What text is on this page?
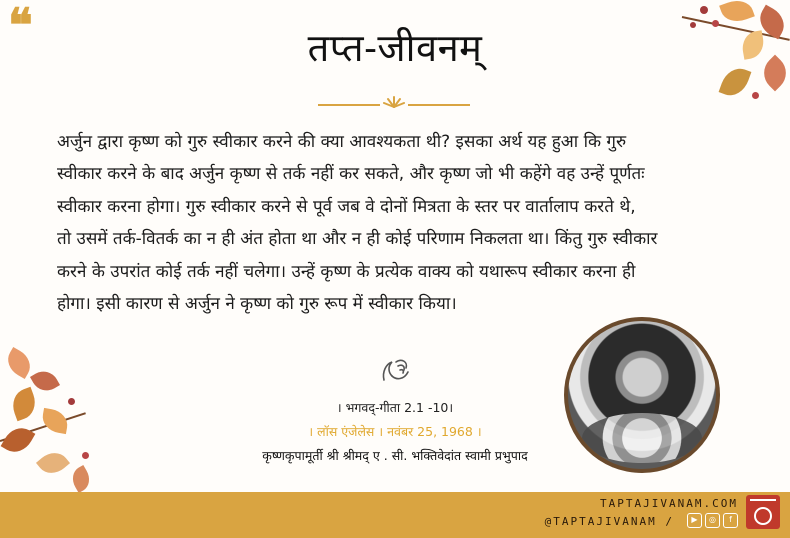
❝	तप्त-जीवनम्
अर्जुन द्वारा कृष्ण को गुरु स्वीकार करने की क्या आवश्यकता थी? इसका अर्थ यह हुआ कि गुरु
स्वीकार करने के बाद अर्जुन कृष्ण से तर्क नहीं कर सकते, और कृष्ण जो भी कहेंगे वह उन्हें पूर्णतः
स्वीकार करना होगा। गुरु स्वीकार करने से पूर्व जब वे दोनों मित्रता के स्तर पर वार्तालाप करते थे,
तो उसमें तर्क-वितर्क का न ही अंत होता था और न ही कोई परिणाम निकलता था। किंतु गुरु स्वीकार
करने के उपरांत कोई तर्क नहीं चलेगा। उन्हें कृष्ण के प्रत्येक वाक्य को यथारूप स्वीकार करना ही
होगा। इसी कारण से अर्जुन ने कृष्ण को गुरु रूप में स्वीकार किया।
। भगवद्-गीता 2.1 -10।
। लॉस एंजेलेस । नवंबर 25, 1968 ।
कृष्णकृपामूर्ती श्री श्रीमद् ए . सी. भक्तिवेदांत स्वामी प्रभुपाद
TAPTAJIVANAM.COM
@TAPTAJIVANAM /	▶	◎	f
